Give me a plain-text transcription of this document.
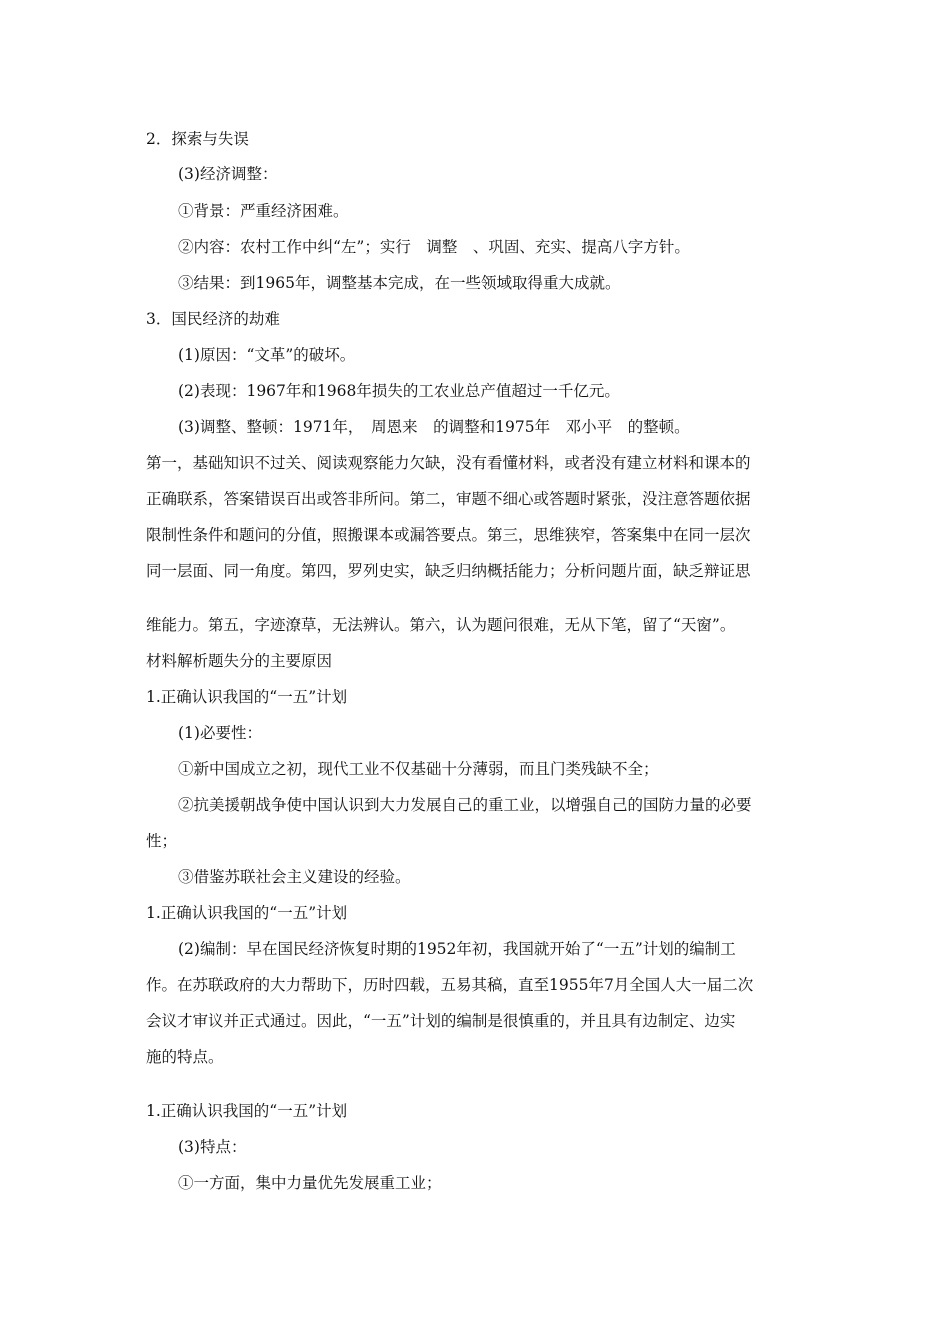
2．探索与失误
(3)经济调整：
①背景：严重经济困难。
②内容：农村工作中纠“左”；实行　调整　、巩固、充实、提高八字方针。
③结果：到1965年，调整基本完成，在一些领域取得重大成就。
3．国民经济的劫难
(1)原因：“文革”的破坏。
(2)表现：1967年和1968年损失的工农业总产值超过一千亿元。
(3)调整、整顿：1971年，　周恩来　的调整和1975年　邓小平　的整顿。
第一，基础知识不过关、阅读观察能力欠缺，没有看懂材料，或者没有建立材料和课本的
正确联系，答案错误百出或答非所问。第二，审题不细心或答题时紧张，没注意答题依据
限制性条件和题问的分值，照搬课本或漏答要点。第三，思维狭窄，答案集中在同一层次
同一层面、同一角度。第四，罗列史实，缺乏归纳概括能力；分析问题片面，缺乏辩证思
维能力。第五，字迹潦草，无法辨认。第六，认为题问很难，无从下笔，留了“天窗”。
材料解析题失分的主要原因
1.正确认识我国的“一五”计划
(1)必要性：
①新中国成立之初，现代工业不仅基础十分薄弱，而且门类残缺不全；
②抗美援朝战争使中国认识到大力发展自己的重工业，以增强自己的国防力量的必要
性；
③借鉴苏联社会主义建设的经验。
1.正确认识我国的“一五”计划
(2)编制：早在国民经济恢复时期的1952年初，我国就开始了“一五”计划的编制工
作。在苏联政府的大力帮助下，历时四载，五易其稿，直至1955年7月全国人大一届二次
会议才审议并正式通过。因此，“一五”计划的编制是很慎重的，并且具有边制定、边实
施的特点。
1.正确认识我国的“一五”计划
(3)特点：
①一方面，集中力量优先发展重工业；
